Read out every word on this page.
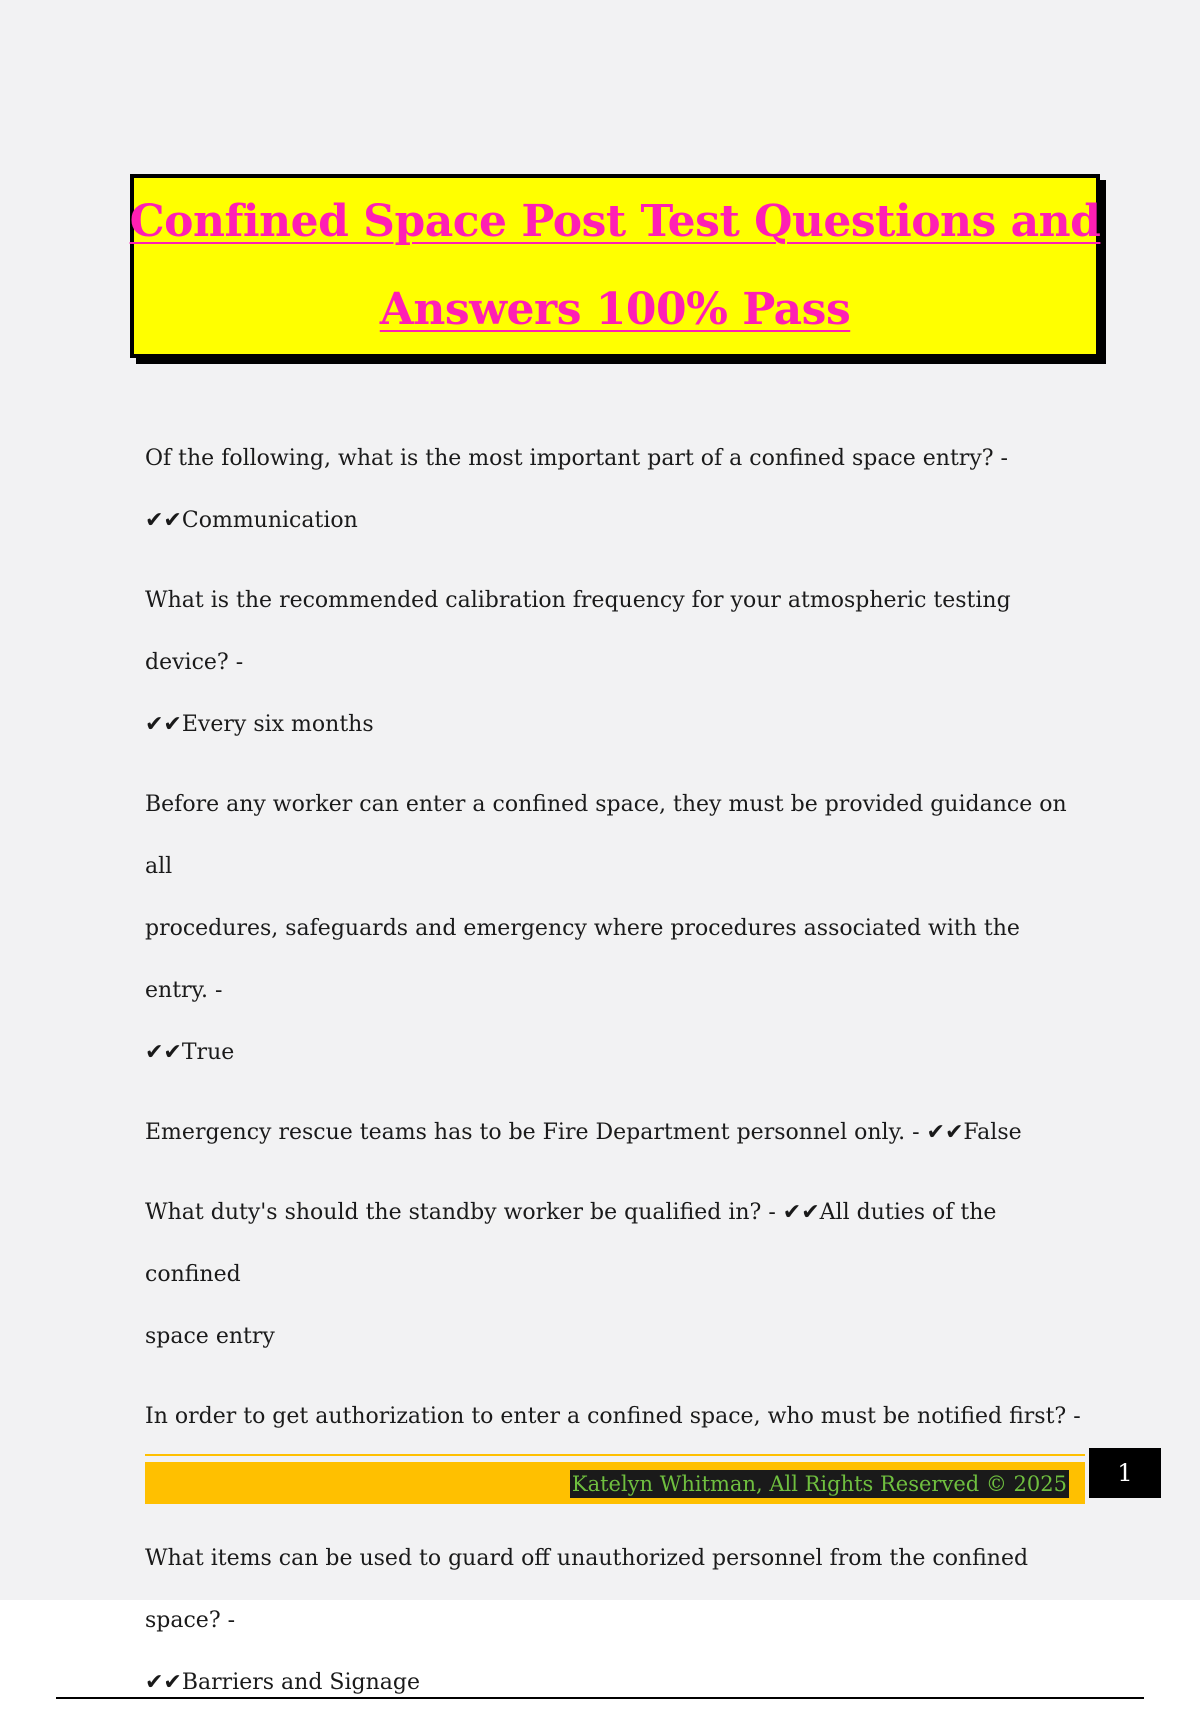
Confined Space Post Test Questions and
Answers 100% Pass
Of the following, what is the most important part of a confined space entry? -
✔✔Communication
What is the recommended calibration frequency for your atmospheric testing device? -
✔✔Every six months
Before any worker can enter a confined space, they must be provided guidance on all
procedures, safeguards and emergency where procedures associated with the entry. -
✔✔True
Emergency rescue teams has to be Fire Department personnel only. - ✔✔False
What duty's should the standby worker be qualified in? - ✔✔All duties of the confined
space entry
In order to get authorization to enter a confined space, who must be notified first? -
What items can be used to guard off unauthorized personnel from the confined space? -
✔✔Barriers and Signage
Katelyn Whitman, All Rights Reserved © 2025	1
